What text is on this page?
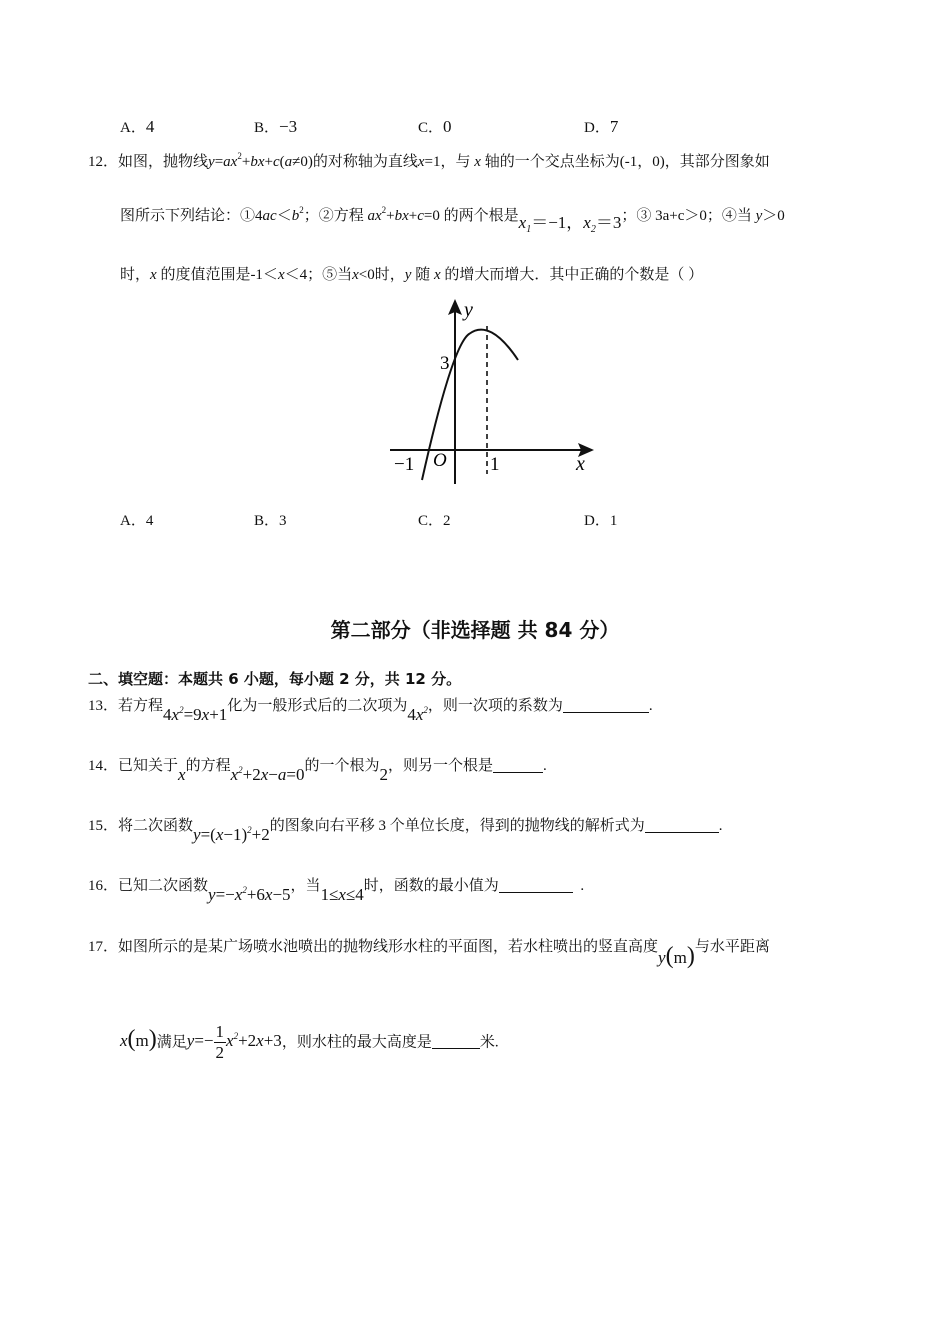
A．4	B．−3	C．0	D．7
12．如图，抛物线$y=ax^2+bx+c(a\ne 0)$的对称轴为直线x=1，与 x 轴的一个交点坐标为(-1，0)，其部分图象如
图所示下列结论：$①4ac<b^2$；②方程 $ax^2+bx+c=0$ 的两个根是$x_1=-1$，$x_2=3$；③ 3a+c＞0；④当 y＞0
时，x 的度值范围是-1＜x＜4；⑤当x<0时，y 随 x 的增大而增大．其中正确的个数是（ ）
y
x
O
3
−1	1
A．4	B．3	C．2	D．1
第二部分（非选择题 共 84 分）
二、填空题：本题共 6 小题，每小题 2 分，共 12 分。
13．若方程$4x^2=9x+1$化为一般形式后的二次项为$4x^2$，则一次项的系数为	.
14．已知关于x的方程$x^2+2x-a=0$的一个根为2，则另一个根是	.
15．将二次函数$y=(x-1)^2+2$的图象向右平移 3 个单位长度，得到的抛物线的解析式为	.
16．已知二次函数$y=-x^2+6x-5$，当1≤x≤4时，函数的最小值为	.
17．如图所示的是某广场喷水池喷出的抛物线形水柱的平面图，若水柱喷出的竖直高度y(m)与水平距离
x(m)满足$y=- \frac{1}{2} x^2+2x+3$，则水柱的最大高度是	米.
